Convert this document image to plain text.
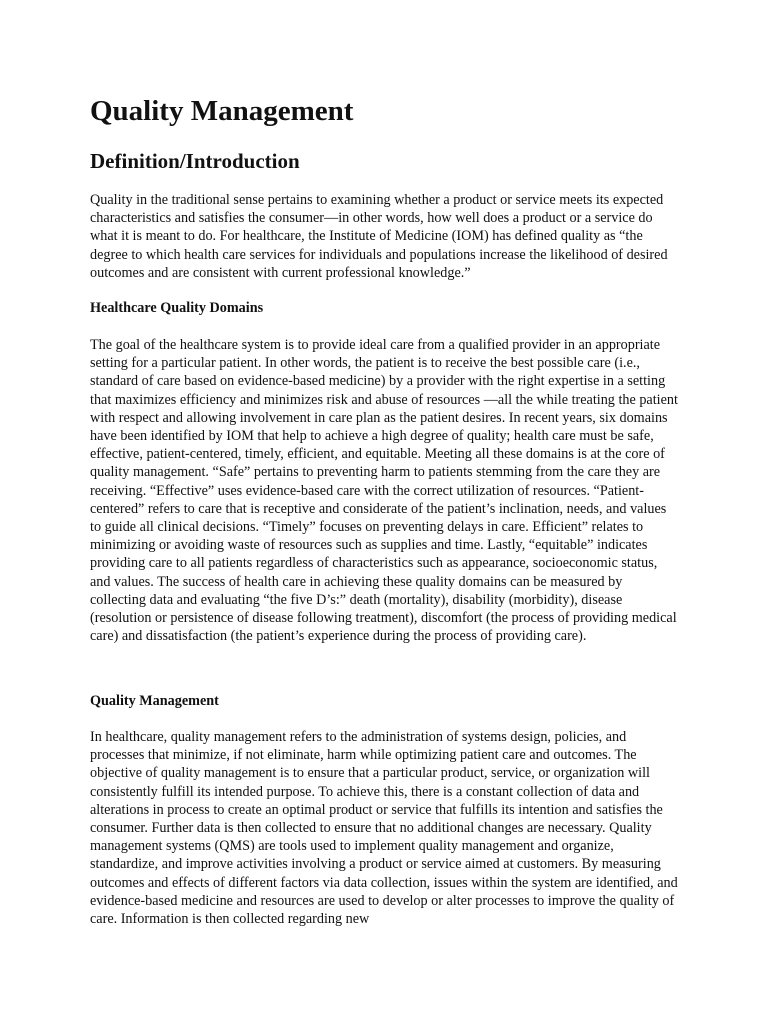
Quality Management
Definition/Introduction

Quality in the traditional sense pertains to examining whether a product or service meets its expected characteristics and satisfies the consumer—in other words, how well does a product or a service do what it is meant to do. For healthcare, the Institute of Medicine (IOM) has defined quality as “the degree to which health care services for individuals and populations increase the likelihood of desired outcomes and are consistent with current professional knowledge.”

Healthcare Quality Domains

The goal of the healthcare system is to provide ideal care from a qualified provider in an appropriate setting for a particular patient. In other words, the patient is to receive the best possible care (i.e., standard of care based on evidence-based medicine) by a provider with the right expertise in a setting that maximizes efficiency and minimizes risk and abuse of resources —all the while treating the patient with respect and allowing involvement in care plan as the patient desires. In recent years, six domains have been identified by IOM that help to achieve a high degree of quality; health care must be safe, effective, patient-centered, timely, efficient, and equitable. Meeting all these domains is at the core of quality management. “Safe” pertains to preventing harm to patients stemming from the care they are receiving. “Effective” uses evidence-based care with the correct utilization of resources. “Patient-centered” refers to care that is receptive and considerate of the patient’s inclination, needs, and values to guide all clinical decisions. “Timely” focuses on preventing delays in care. Efficient” relates to minimizing or avoiding waste of resources such as supplies and time. Lastly, “equitable” indicates providing care to all patients regardless of characteristics such as appearance, socioeconomic status, and values. The success of health care in achieving these quality domains can be measured by collecting data and evaluating “the five D’s:” death (mortality), disability (morbidity), disease (resolution or persistence of disease following treatment), discomfort (the process of providing medical care) and dissatisfaction (the patient’s experience during the process of providing care).

Quality Management

In healthcare, quality management refers to the administration of systems design, policies, and processes that minimize, if not eliminate, harm while optimizing patient care and outcomes. The objective of quality management is to ensure that a particular product, service, or organization will consistently fulfill its intended purpose. To achieve this, there is a constant collection of data and alterations in process to create an optimal product or service that fulfills its intention and satisfies the consumer. Further data is then collected to ensure that no additional changes are necessary. Quality management systems (QMS) are tools used to implement quality management and organize, standardize, and improve activities involving a product or service aimed at customers. By measuring outcomes and effects of different factors via data collection, issues within the system are identified, and evidence-based medicine and resources are used to develop or alter processes to improve the quality of care. Information is then collected regarding new
